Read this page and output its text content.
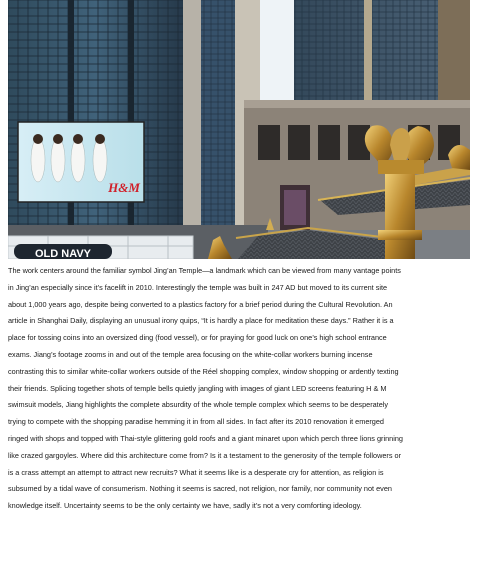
H&M
OLD NAVY

The work centers around the familiar symbol Jing’an Temple—a landmark which can be viewed from many vantage points

in Jing’an especially since it’s facelift in 2010. Interestingly the temple was built in 247 AD but moved to its current site

about 1,000 years ago, despite being converted to a plastics factory for a brief period during the Cultural Revolution. An

article in Shanghai Daily, displaying an unusual irony quips, “It is hardly a place for meditation these days.” Rather it is a

place for tossing coins into an oversized ding (food vessel), or for praying for good luck on one’s high school entrance

exams. Jiang’s footage zooms in and out of the temple area focusing on the white-collar workers burning incense

contrasting this to similar white-collar workers outside of the Réel shopping complex, window shopping or ardently texting

their friends. Splicing together shots of temple bells quietly jangling with images of giant LED screens featuring H & M

swimsuit models, Jiang highlights the complete absurdity of the whole temple complex which seems to be desperately

trying to compete with the shopping paradise hemming it in from all sides. In fact after its 2010 renovation it emerged

ringed with shops and topped with Thai-style glittering gold roofs and a giant minaret upon which perch three lions grinning

like crazed gargoyles. Where did this architecture come from? Is it a testament to the generosity of the temple followers or

is a crass attempt an attempt to attract new recruits? What it seems like is a desperate cry for attention, as religion is

subsumed by a tidal wave of consumerism. Nothing it seems is sacred, not religion, nor family, nor community not even

knowledge itself. Uncertainty seems to be the only certainty we have, sadly it’s not a very comforting ideology.
